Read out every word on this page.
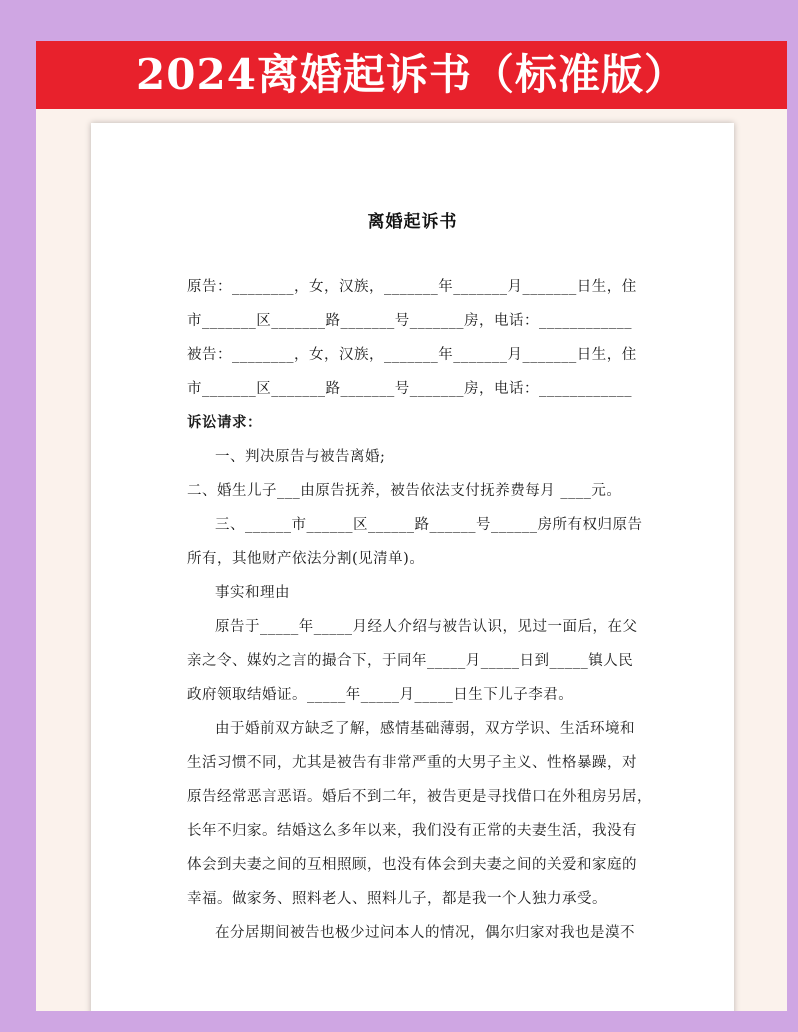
2024离婚起诉书（标准版）
离婚起诉书
原告：________，女，汉族，_______年_______月_______日生，住
市_______区_______路_______号_______房，电话：____________
被告：________，女，汉族，_______年_______月_______日生，住
市_______区_______路_______号_______房，电话：____________
诉讼请求：
一、判决原告与被告离婚;
二、婚生儿子___由原告抚养，被告依法支付抚养费每月 ____元。
三、______市______区______路______号______房所有权归原告
所有，其他财产依法分割(见清单)。
事实和理由
原告于_____年_____月经人介绍与被告认识，见过一面后，在父
亲之令、媒妁之言的撮合下，于同年_____月_____日到_____镇人民
政府领取结婚证。_____年_____月_____日生下儿子李君。
由于婚前双方缺乏了解，感情基础薄弱，双方学识、生活环境和
生活习惯不同，尤其是被告有非常严重的大男子主义、性格暴躁，对
原告经常恶言恶语。婚后不到二年，被告更是寻找借口在外租房另居，
长年不归家。结婚这么多年以来，我们没有正常的夫妻生活，我没有
体会到夫妻之间的互相照顾，也没有体会到夫妻之间的关爱和家庭的
幸福。做家务、照料老人、照料儿子，都是我一个人独力承受。
在分居期间被告也极少过问本人的情况，偶尔归家对我也是漠不
